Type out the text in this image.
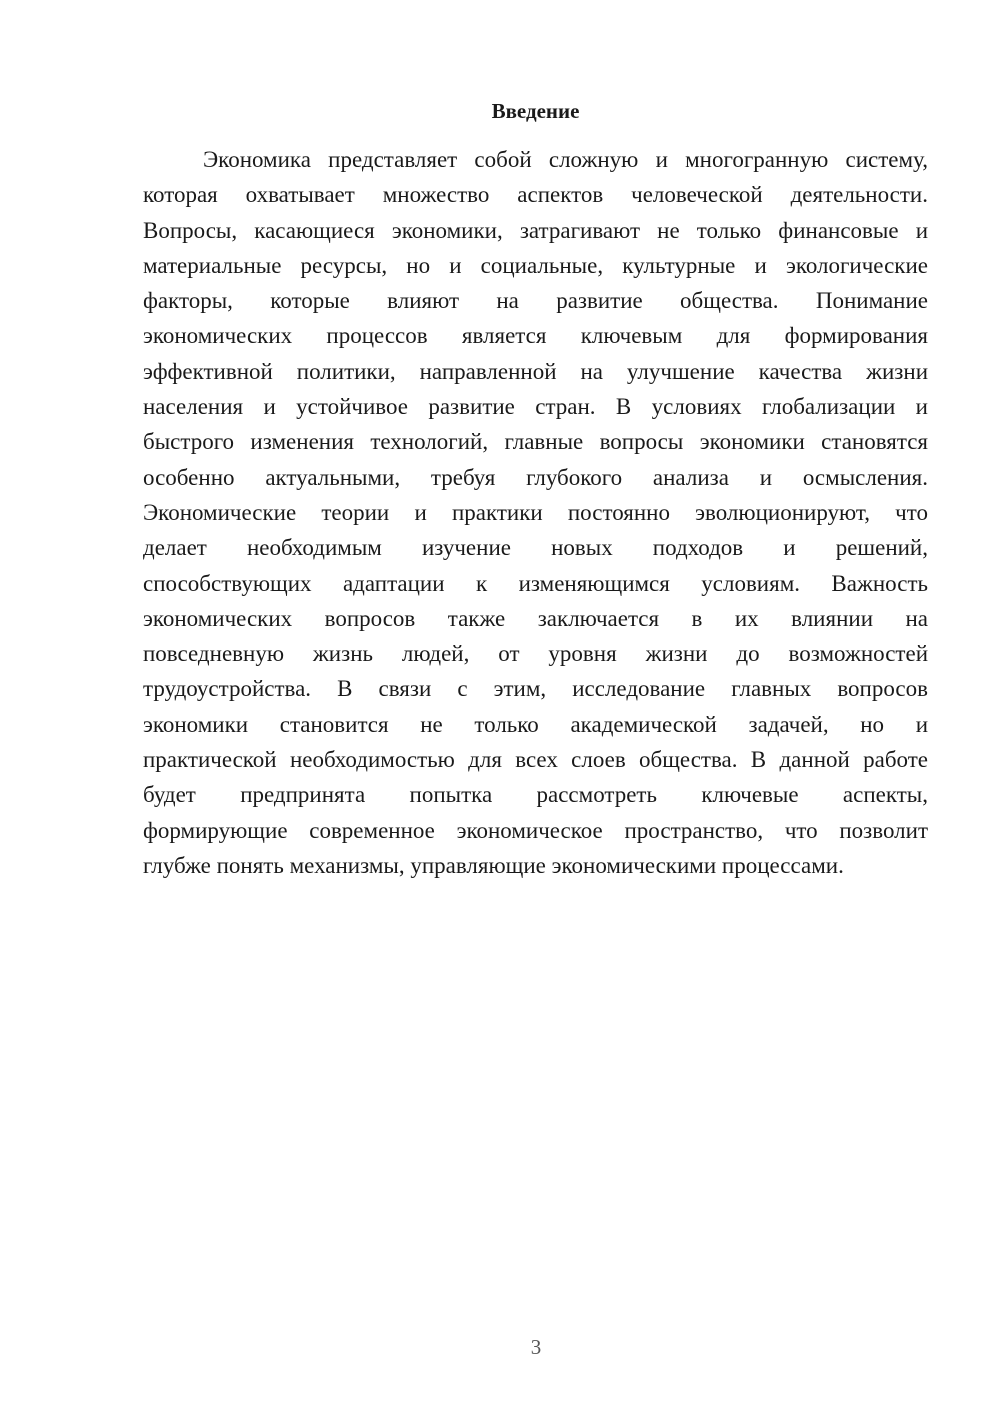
Введение
Экономика представляет собой сложную и многогранную систему,
которая охватывает множество аспектов человеческой деятельности.
Вопросы, касающиеся экономики, затрагивают не только финансовые и
материальные ресурсы, но и социальные, культурные и экологические
факторы, которые влияют на развитие общества. Понимание
экономических процессов является ключевым для формирования
эффективной политики, направленной на улучшение качества жизни
населения и устойчивое развитие стран. В условиях глобализации и
быстрого изменения технологий, главные вопросы экономики становятся
особенно актуальными, требуя глубокого анализа и осмысления.
Экономические теории и практики постоянно эволюционируют, что
делает необходимым изучение новых подходов и решений,
способствующих адаптации к изменяющимся условиям. Важность
экономических вопросов также заключается в их влиянии на
повседневную жизнь людей, от уровня жизни до возможностей
трудоустройства. В связи с этим, исследование главных вопросов
экономики становится не только академической задачей, но и
практической необходимостью для всех слоев общества. В данной работе
будет предпринята попытка рассмотреть ключевые аспекты,
формирующие современное экономическое пространство, что позволит
глубже понять механизмы, управляющие экономическими процессами.
3
